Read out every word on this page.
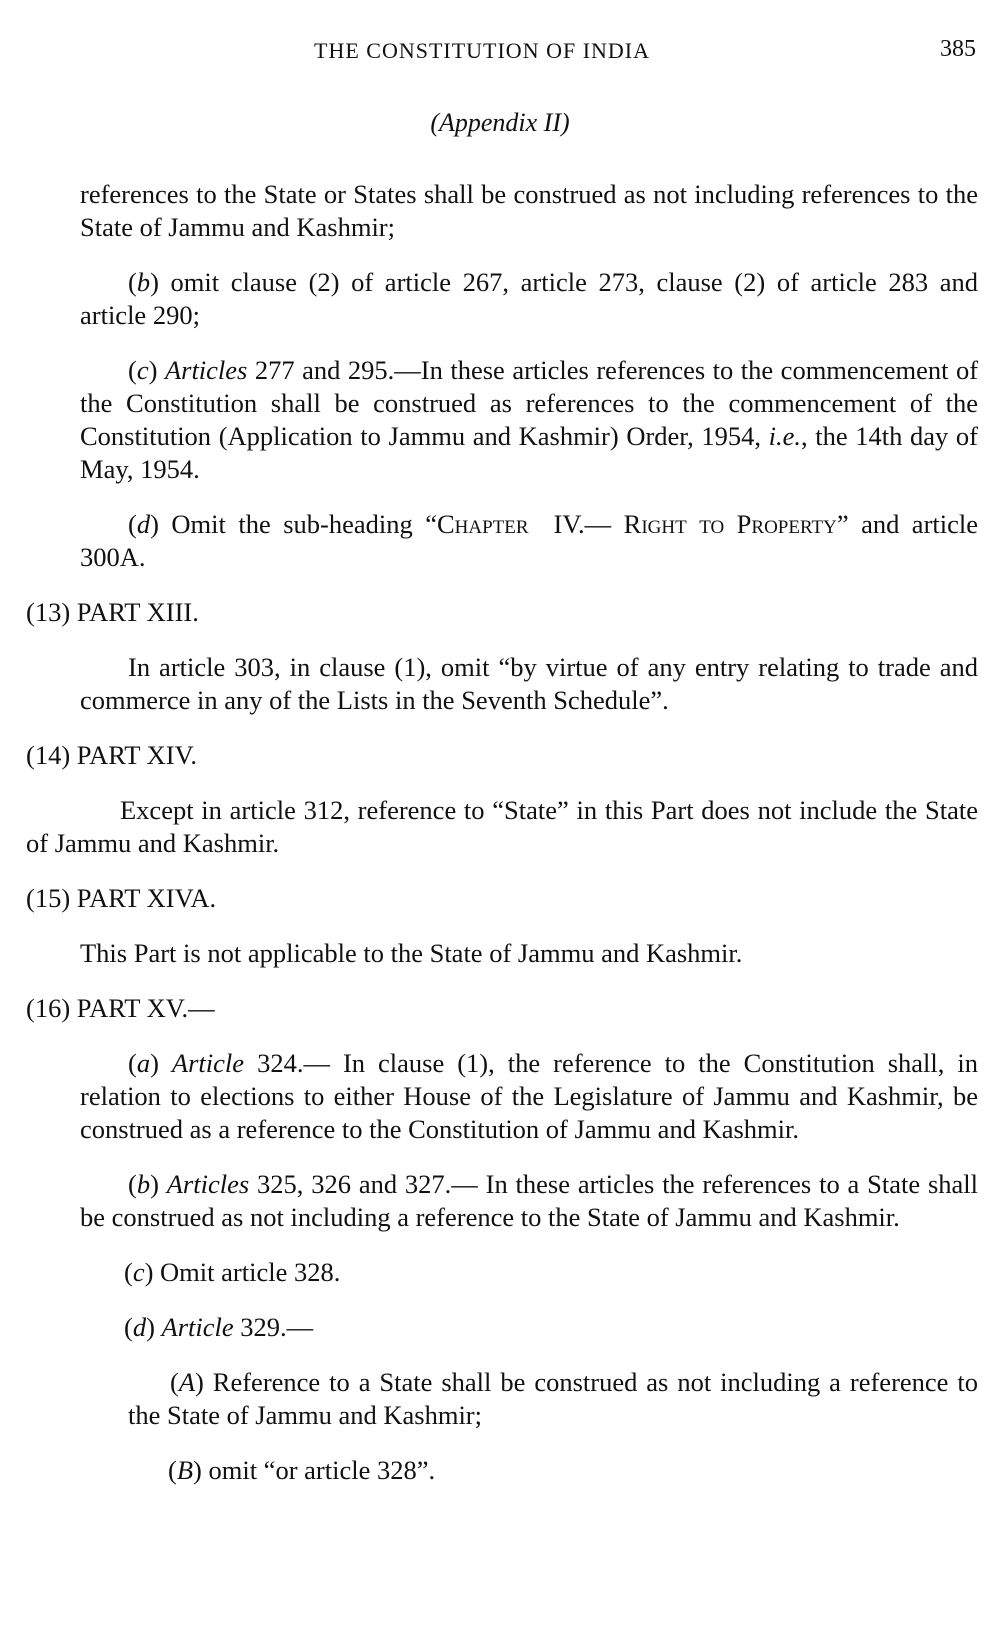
THE CONSTITUTION OF INDIA	385
(Appendix II)

references to the State or States shall be construed as not including references to the State of Jammu and Kashmir;

(b) omit clause (2) of article 267, article 273, clause (2) of article 283 and article 290;

(c) Articles 277 and 295.—In these articles references to the commencement of the Constitution shall be construed as references to the commencement of the Constitution (Application to Jammu and Kashmir) Order, 1954, i.e., the 14th day of May, 1954.

(d) Omit the sub-heading “Chapter IV.— Right to Property” and article 300A.

(13) PART XIII.

In article 303, in clause (1), omit “by virtue of any entry relating to trade and commerce in any of the Lists in the Seventh Schedule”.

(14) PART XIV.

Except in article 312, reference to “State” in this Part does not include the State of Jammu and Kashmir.

(15) PART XIVA.

This Part is not applicable to the State of Jammu and Kashmir.

(16) PART XV.—

(a) Article 324.— In clause (1), the reference to the Constitution shall, in relation to elections to either House of the Legislature of Jammu and Kashmir, be construed as a reference to the Constitution of Jammu and Kashmir.

(b) Articles 325, 326 and 327.— In these articles the references to a State shall be construed as not including a reference to the State of Jammu and Kashmir.

(c) Omit article 328.

(d) Article 329.—

(A) Reference to a State shall be construed as not including a reference to the State of Jammu and Kashmir;

(B) omit “or article 328”.
